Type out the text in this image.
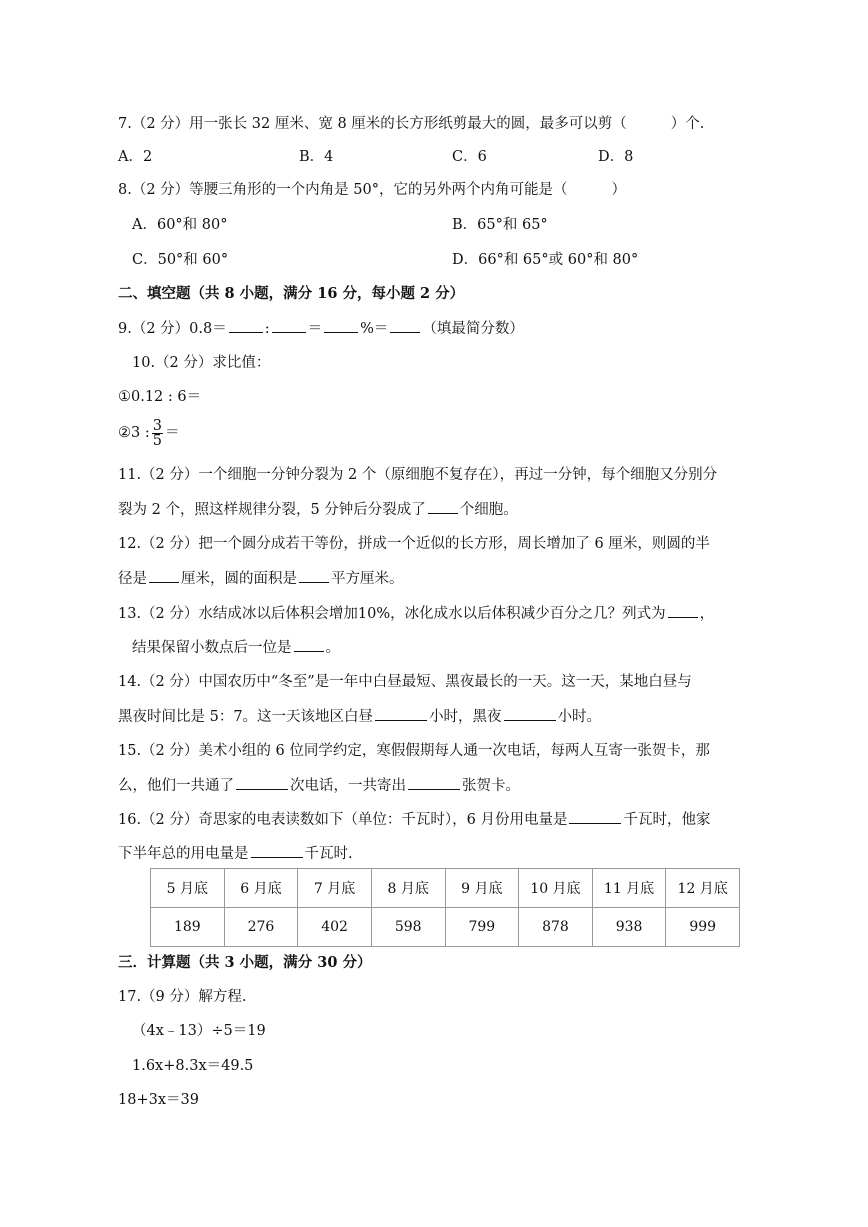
7.（2 分）用一张长 32 厘米、宽 8 厘米的长方形纸剪最大的圆，最多可以剪（	）个.
A．2	B．4	C．6	D．8
8.（2 分）等腰三角形的一个内角是 50°，它的另外两个内角可能是（	）
A．60°和 80°	B．65°和 65°
C．50°和 60°	D．66°和 65°或 60°和 80°
二、填空题（共 8 小题，满分 16 分，每小题 2 分）
9.（2 分）0.8＝	:	＝	%＝ （填最简分数）
10.（2 分）求比值：
①0.12 : 6＝
②3 : $\frac{3}{5}$ ＝
11.（2 分）一个细胞一分钟分裂为 2 个（原细胞不复存在），再过一分钟，每个细胞又分别分
裂为 2 个，照这样规律分裂，5 分钟后分裂成了 个细胞。
12.（2 分）把一个圆分成若干等份，拼成一个近似的长方形，周长增加了 6 厘米，则圆的半
径是 厘米，圆的面积是 平方厘米。
13.（2 分）水结成冰以后体积会增加10%，冰化成水以后体积减少百分之几？列式为 ，
结果保留小数点后一位是 。
14.（2 分）中国农历中“冬至”是一年中白昼最短、黑夜最长的一天。这一天，某地白昼与
黑夜时间比是 5：7。这一天该地区白昼	小时，黑夜	小时。
15.（2 分）美术小组的 6 位同学约定，寒假假期每人通一次电话，每两人互寄一张贺卡，那
么，他们一共通了	次电话，一共寄出	张贺卡。
16.（2 分）奇思家的电表读数如下（单位：千瓦时），6 月份用电量是	千瓦时，他家
下半年总的用电量是	千瓦时.
5 月底	6 月底	7 月底	8 月底	9 月底	10 月底	11 月底	12 月底
189	276	402	598	799	878	938	999
三．计算题（共 3 小题，满分 30 分）
17.（9 分）解方程.
（4x﹣13）÷5＝19
1.6x+8.3x＝49.5
18+3x＝39
